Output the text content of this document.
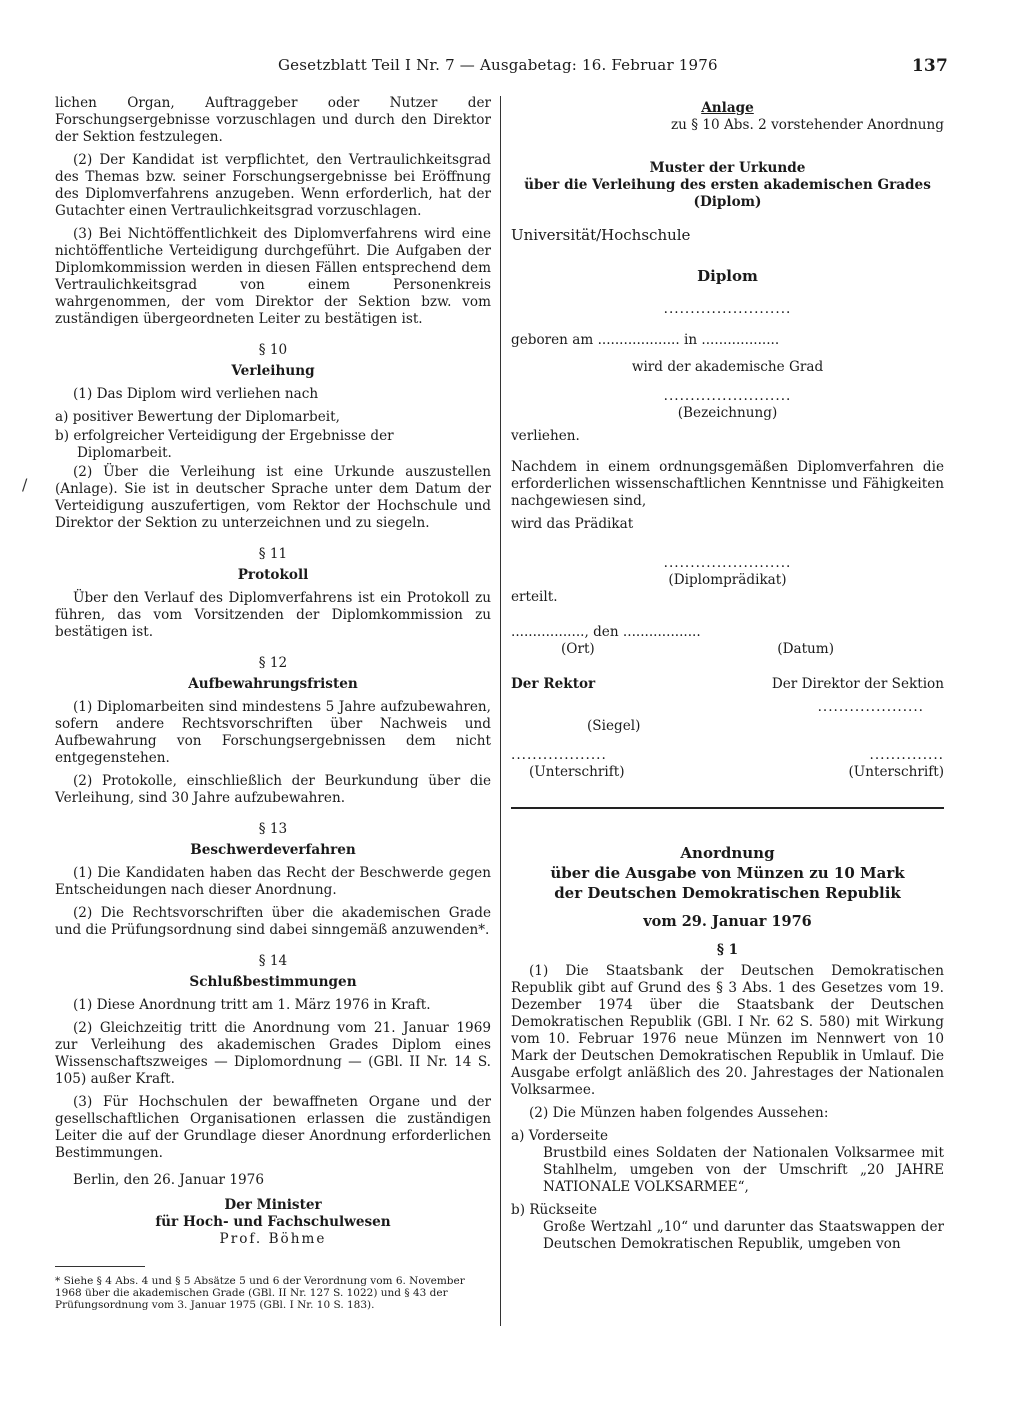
Gesetzblatt Teil I Nr. 7 — Ausgabetag: 16. Februar 1976	137
/

lichen Organ, Auftraggeber oder Nutzer der Forschungsergebnisse vorzuschlagen und durch den Direktor der Sektion festzulegen.

(2) Der Kandidat ist verpflichtet, den Vertraulichkeitsgrad des Themas bzw. seiner Forschungsergebnisse bei Eröffnung des Diplomverfahrens anzugeben. Wenn erforderlich, hat der Gutachter einen Vertraulichkeitsgrad vorzuschlagen.

(3) Bei Nichtöffentlichkeit des Diplomverfahrens wird eine nichtöffentliche Verteidigung durchgeführt. Die Aufgaben der Diplomkommission werden in diesen Fällen entsprechend dem Vertraulichkeitsgrad von einem Personenkreis wahrgenommen, der vom Direktor der Sektion bzw. vom zuständigen übergeordneten Leiter zu bestätigen ist.

§ 10
Verleihung

(1) Das Diplom wird verliehen nach

a) positiver Bewertung der Diplomarbeit,
b) erfolgreicher Verteidigung der Ergebnisse der Diplomarbeit.

(2) Über die Verleihung ist eine Urkunde auszustellen (Anlage). Sie ist in deutscher Sprache unter dem Datum der Verteidigung auszufertigen, vom Rektor der Hochschule und Direktor der Sektion zu unterzeichnen und zu siegeln.

§ 11
Protokoll

Über den Verlauf des Diplomverfahrens ist ein Protokoll zu führen, das vom Vorsitzenden der Diplomkommission zu bestätigen ist.

§ 12
Aufbewahrungsfristen

(1) Diplomarbeiten sind mindestens 5 Jahre aufzubewahren, sofern andere Rechtsvorschriften über Nachweis und Aufbewahrung von Forschungsergebnissen dem nicht entgegenstehen.

(2) Protokolle, einschließlich der Beurkundung über die Verleihung, sind 30 Jahre aufzubewahren.

§ 13
Beschwerdeverfahren

(1) Die Kandidaten haben das Recht der Beschwerde gegen Entscheidungen nach dieser Anordnung.

(2) Die Rechtsvorschriften über die akademischen Grade und die Prüfungsordnung sind dabei sinngemäß anzuwenden*.

§ 14
Schlußbestimmungen

(1) Diese Anordnung tritt am 1. März 1976 in Kraft.

(2) Gleichzeitig tritt die Anordnung vom 21. Januar 1969 zur Verleihung des akademischen Grades Diplom eines Wissenschaftszweiges — Diplomordnung — (GBl. II Nr. 14 S. 105) außer Kraft.

(3) Für Hochschulen der bewaffneten Organe und der gesellschaftlichen Organisationen erlassen die zuständigen Leiter die auf der Grundlage dieser Anordnung erforderlichen Bestimmungen.

Berlin, den 26. Januar 1976

Der Minister
für Hoch- und Fachschulwesen
Prof. Böhme
* Siehe § 4 Abs. 4 und § 5 Absätze 5 und 6 der Verordnung vom 6. November 1968 über die akademischen Grade (GBl. II Nr. 127 S. 1022) und § 43 der Prüfungsordnung vom 3. Januar 1975 (GBl. I Nr. 10 S. 183).
Anlage
zu § 10 Abs. 2 vorstehender Anordnung
Muster der Urkunde
über die Verleihung des ersten akademischen Grades (Diplom)
Universität/Hochschule
Diplom
........................
geboren am ................... in ..................
wird der akademische Grad
........................
(Bezeichnung)
verliehen.

Nachdem in einem ordnungsgemäßen Diplomverfahren die erforderlichen wissenschaftlichen Kenntnisse und Fähigkeiten nachgewiesen sind,

wird das Prädikat
........................
(Diplomprädikat)
erteilt.
................., den ..................
(Ort)	(Datum)
Der Rektor	Der Direktor der Sektion
....................
(Siegel)
..................	..............
(Unterschrift)	(Unterschrift)
Anordnung
über die Ausgabe von Münzen zu 10 Mark
der Deutschen Demokratischen Republik
vom 29. Januar 1976
§ 1

(1) Die Staatsbank der Deutschen Demokratischen Republik gibt auf Grund des § 3 Abs. 1 des Gesetzes vom 19. Dezember 1974 über die Staatsbank der Deutschen Demokratischen Republik (GBl. I Nr. 62 S. 580) mit Wirkung vom 10. Februar 1976 neue Münzen im Nennwert von 10 Mark der Deutschen Demokratischen Republik in Umlauf. Die Ausgabe erfolgt anläßlich des 20. Jahrestages der Nationalen Volksarmee.

(2) Die Münzen haben folgendes Aussehen:

a) Vorderseite

Brustbild eines Soldaten der Nationalen Volksarmee mit Stahlhelm, umgeben von der Umschrift „20 JAHRE NATIONALE VOLKSARMEE“,

b) Rückseite

Große Wertzahl „10“ und darunter das Staatswappen der Deutschen Demokratischen Republik, umgeben von
